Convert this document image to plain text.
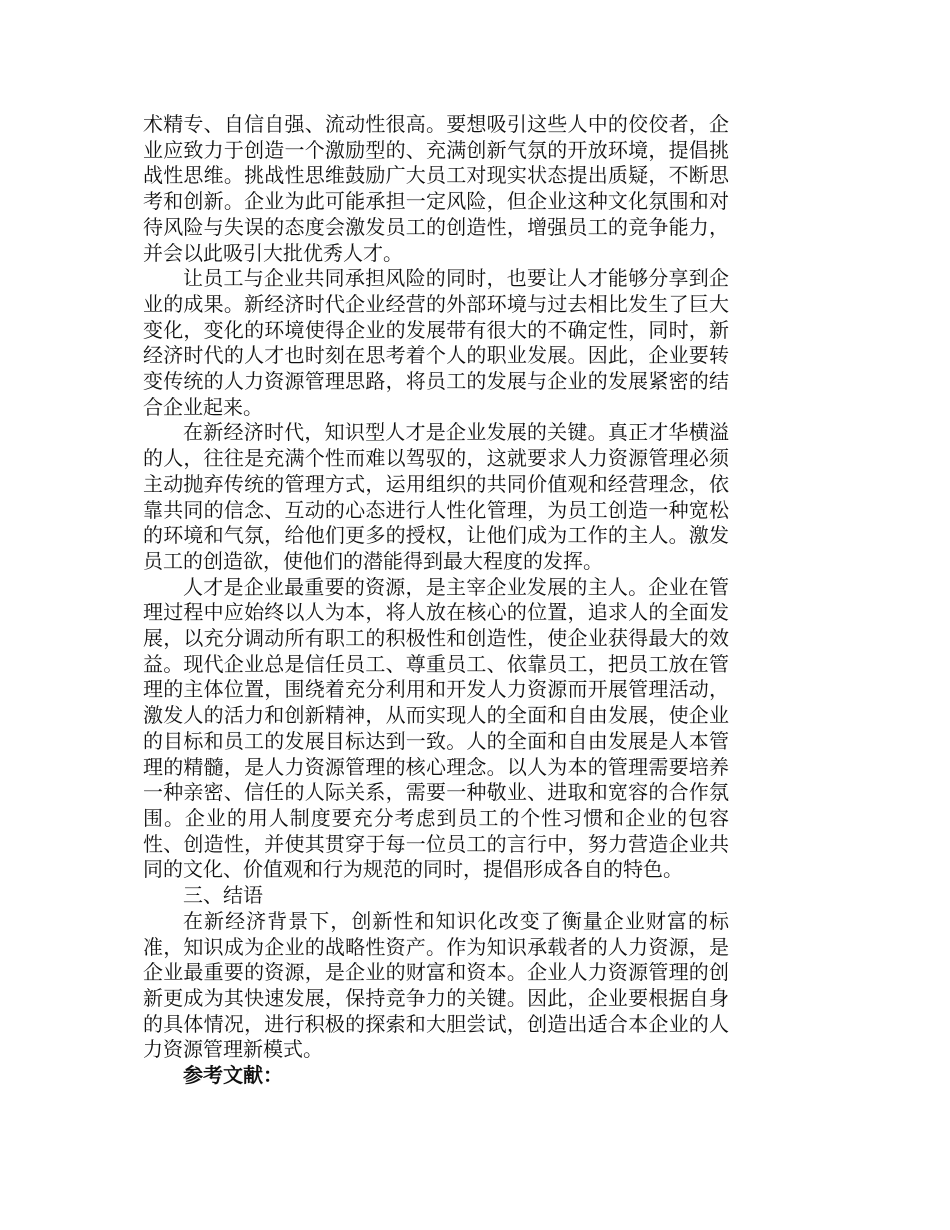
术精专、自信自强、流动性很高。要想吸引这些人中的佼佼者，企业应致力于创造一个激励型的、充满创新气氛的开放环境，提倡挑战性思维。挑战性思维鼓励广大员工对现实状态提出质疑，不断思考和创新。企业为此可能承担一定风险，但企业这种文化氛围和对待风险与失误的态度会激发员工的创造性，增强员工的竞争能力，并会以此吸引大批优秀人才。

让员工与企业共同承担风险的同时，也要让人才能够分享到企业的成果。新经济时代企业经营的外部环境与过去相比发生了巨大变化，变化的环境使得企业的发展带有很大的不确定性，同时，新经济时代的人才也时刻在思考着个人的职业发展。因此，企业要转变传统的人力资源管理思路，将员工的发展与企业的发展紧密的结合企业起来。

在新经济时代，知识型人才是企业发展的关键。真正才华横溢的人，往往是充满个性而难以驾驭的，这就要求人力资源管理必须主动抛弃传统的管理方式，运用组织的共同价值观和经营理念，依靠共同的信念、互动的心态进行人性化管理，为员工创造一种宽松的环境和气氛，给他们更多的授权，让他们成为工作的主人。激发员工的创造欲，使他们的潜能得到最大程度的发挥。

人才是企业最重要的资源，是主宰企业发展的主人。企业在管理过程中应始终以人为本，将人放在核心的位置，追求人的全面发展，以充分调动所有职工的积极性和创造性，使企业获得最大的效益。现代企业总是信任员工、尊重员工、依靠员工，把员工放在管理的主体位置，围绕着充分利用和开发人力资源而开展管理活动，激发人的活力和创新精神，从而实现人的全面和自由发展，使企业的目标和员工的发展目标达到一致。人的全面和自由发展是人本管理的精髓，是人力资源管理的核心理念。以人为本的管理需要培养一种亲密、信任的人际关系，需要一种敬业、进取和宽容的合作氛围。企业的用人制度要充分考虑到员工的个性习惯和企业的包容性、创造性，并使其贯穿于每一位员工的言行中，努力营造企业共同的文化、价值观和行为规范的同时，提倡形成各自的特色。

三、结语

在新经济背景下，创新性和知识化改变了衡量企业财富的标准，知识成为企业的战略性资产。作为知识承载者的人力资源，是企业最重要的资源，是企业的财富和资本。企业人力资源管理的创新更成为其快速发展，保持竞争力的关键。因此，企业要根据自身的具体情况，进行积极的探索和大胆尝试，创造出适合本企业的人力资源管理新模式。

参考文献：
